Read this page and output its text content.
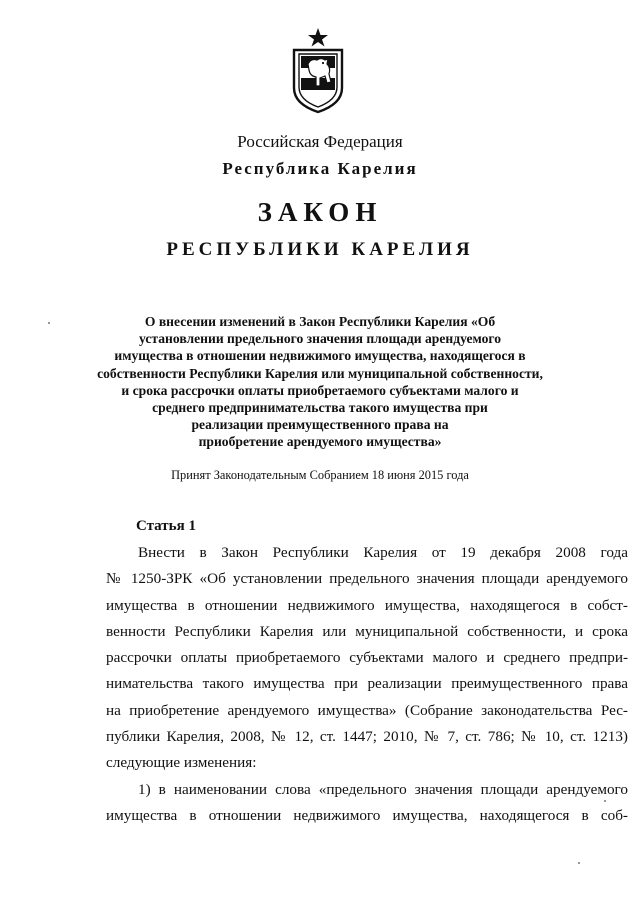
Российская Федерация
Республика Карелия
ЗАКОН
РЕСПУБЛИКИ КАРЕЛИЯ
О внесении изменений в Закон Республики Карелия «Об
установлении предельного значения площади арендуемого
имущества в отношении недвижимого имущества, находящегося в
собственности Республики Карелия или муниципальной собственности,
и срока рассрочки оплаты приобретаемого субъектами малого и
среднего предпринимательства такого имущества при
реализации преимущественного права на
приобретение арендуемого имущества»
Принят Законодательным Собранием 18 июня 2015 года
Статья 1
Внести в Закон Республики Карелия от 19 декабря 2008 года
№ 1250-ЗРК «Об установлении предельного значения площади арендуемого
имущества в отношении недвижимого имущества, находящегося в собст-
венности Республики Карелия или муниципальной собственности, и срока
рассрочки оплаты приобретаемого субъектами малого и среднего предпри-
нимательства такого имущества при реализации преимущественного права
на приобретение арендуемого имущества» (Собрание законодательства Рес-
публики Карелия, 2008, № 12, ст. 1447; 2010, № 7, ст. 786; № 10, ст. 1213)
следующие изменения:
1) в наименовании слова «предельного значения площади арендуемого
имущества в отношении недвижимого имущества, находящегося в соб-
